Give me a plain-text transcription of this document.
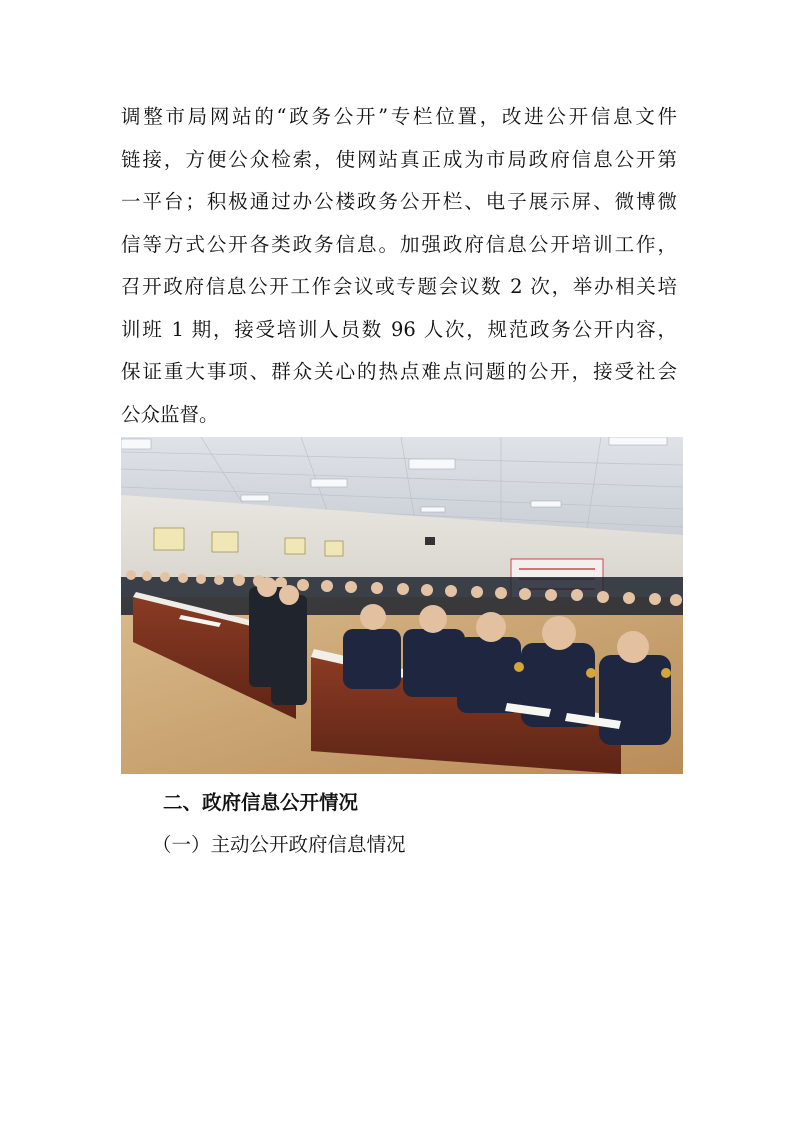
调整市局网站的“政务公开”专栏位置，改进公开信息文件
链接，方便公众检索，使网站真正成为市局政府信息公开第
一平台；积极通过办公楼政务公开栏、电子展示屏、微博微
信等方式公开各类政务信息。加强政府信息公开培训工作，
召开政府信息公开工作会议或专题会议数 2 次，举办相关培
训班 1 期，接受培训人员数 96 人次，规范政务公开内容，
保证重大事项、群众关心的热点难点问题的公开，接受社会
公众监督。
二、政府信息公开情况
（一）主动公开政府信息情况
